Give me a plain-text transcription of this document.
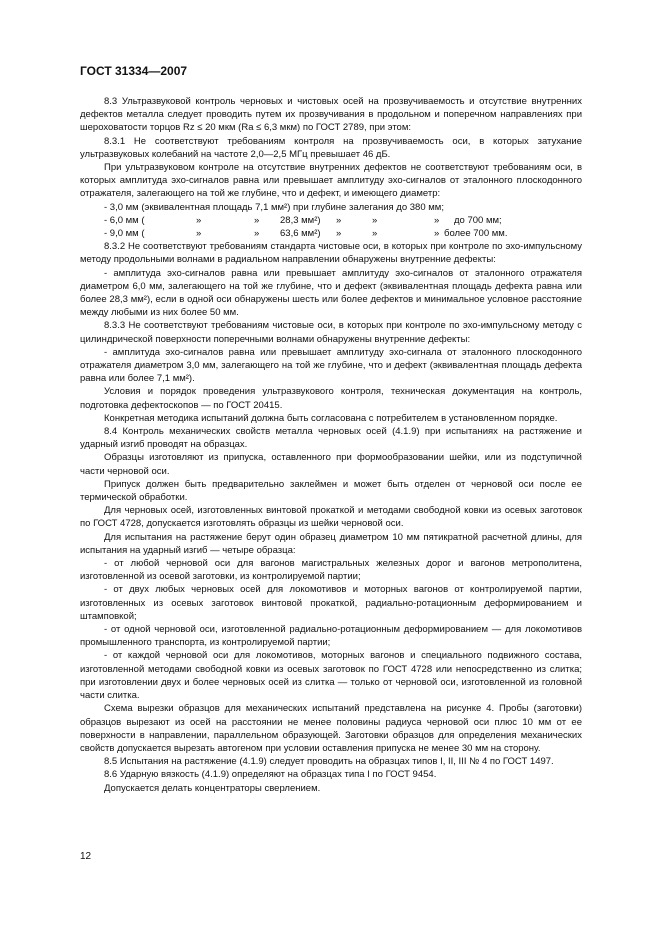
ГОСТ 31334—2007

8.3 Ультразвуковой контроль черновых и чистовых осей на прозвучиваемость и отсутствие внутренних дефектов металла следует проводить путем их прозвучивания в продольном и поперечном направлениях при шероховатости торцов Rz ≤ 20 мкм (Ra ≤ 6,3 мкм) по ГОСТ 2789, при этом:

8.3.1 Не соответствуют требованиям контроля на прозвучиваемость оси, в которых затухание ультразвуковых колебаний на частоте 2,0—2,5 МГц превышает 46 дБ.

При ультразвуковом контроле на отсутствие внутренних дефектов не соответствуют требованиям оси, в которых амплитуда эхо-сигналов равна или превышает амплитуду эхо-сигналов от эталонного плоскодонного отражателя, залегающего на той же глубине, что и дефект, и имеющего диаметр:

- 3,0 мм (эквивалентная площадь 7,1 мм²) при глубине залегания до 380 мм;
- 6,0 мм (	»	» 28,3 мм²) »	»	» до 700 мм;
- 9,0 мм (	»	» 63,6 мм²) »	»	» более 700 мм.

8.3.2 Не соответствуют требованиям стандарта чистовые оси, в которых при контроле по эхо-импульсному методу продольными волнами в радиальном направлении обнаружены внутренние дефекты:

- амплитуда эхо-сигналов равна или превышает амплитуду эхо-сигналов от эталонного отражателя диаметром 6,0 мм, залегающего на той же глубине, что и дефект (эквивалентная площадь дефекта равна или более 28,3 мм²), если в одной оси обнаружены шесть или более дефектов и минимальное условное расстояние между любыми из них более 50 мм.

8.3.3 Не соответствуют требованиям чистовые оси, в которых при контроле по эхо-импульсному методу с цилиндрической поверхности поперечными волнами обнаружены внутренние дефекты:

- амплитуда эхо-сигналов равна или превышает амплитуду эхо-сигнала от эталонного плоскодонного отражателя диаметром 3,0 мм, залегающего на той же глубине, что и дефект (эквивалентная площадь дефекта равна или более 7,1 мм²).

Условия и порядок проведения ультразвукового контроля, техническая документация на контроль, подготовка дефектоскопов — по ГОСТ 20415.

Конкретная методика испытаний должна быть согласована с потребителем в установленном порядке.

8.4 Контроль механических свойств металла черновых осей (4.1.9) при испытаниях на растяжение и ударный изгиб проводят на образцах.

Образцы изготовляют из припуска, оставленного при формообразовании шейки, или из подступичной части черновой оси.

Припуск должен быть предварительно заклеймен и может быть отделен от черновой оси после ее термической обработки.

Для черновых осей, изготовленных винтовой прокаткой и методами свободной ковки из осевых заготовок по ГОСТ 4728, допускается изготовлять образцы из шейки черновой оси.

Для испытания на растяжение берут один образец диаметром 10 мм пятикратной расчетной длины, для испытания на ударный изгиб — четыре образца:

- от любой черновой оси для вагонов магистральных железных дорог и вагонов метрополитена, изготовленной из осевой заготовки, из контролируемой партии;

- от двух любых черновых осей для локомотивов и моторных вагонов от контролируемой партии, изготовленных из осевых заготовок винтовой прокаткой, радиально-ротационным деформированием и штамповкой;

- от одной черновой оси, изготовленной радиально-ротационным деформированием — для локомотивов промышленного транспорта, из контролируемой партии;

- от каждой черновой оси для локомотивов, моторных вагонов и специального подвижного состава, изготовленной методами свободной ковки из осевых заготовок по ГОСТ 4728 или непосредственно из слитка; при изготовлении двух и более черновых осей из слитка — только от черновой оси, изготовленной из головной части слитка.

Схема вырезки образцов для механических испытаний представлена на рисунке 4. Пробы (заготовки) образцов вырезают из осей на расстоянии не менее половины радиуса черновой оси плюс 10 мм от ее поверхности в направлении, параллельном образующей. Заготовки образцов для определения механических свойств допускается вырезать автогеном при условии оставления припуска не менее 30 мм на сторону.

8.5 Испытания на растяжение (4.1.9) следует проводить на образцах типов I, II, III № 4 по ГОСТ 1497.

8.6 Ударную вязкость (4.1.9) определяют на образцах типа I по ГОСТ 9454.

Допускается делать концентраторы сверлением.

12
